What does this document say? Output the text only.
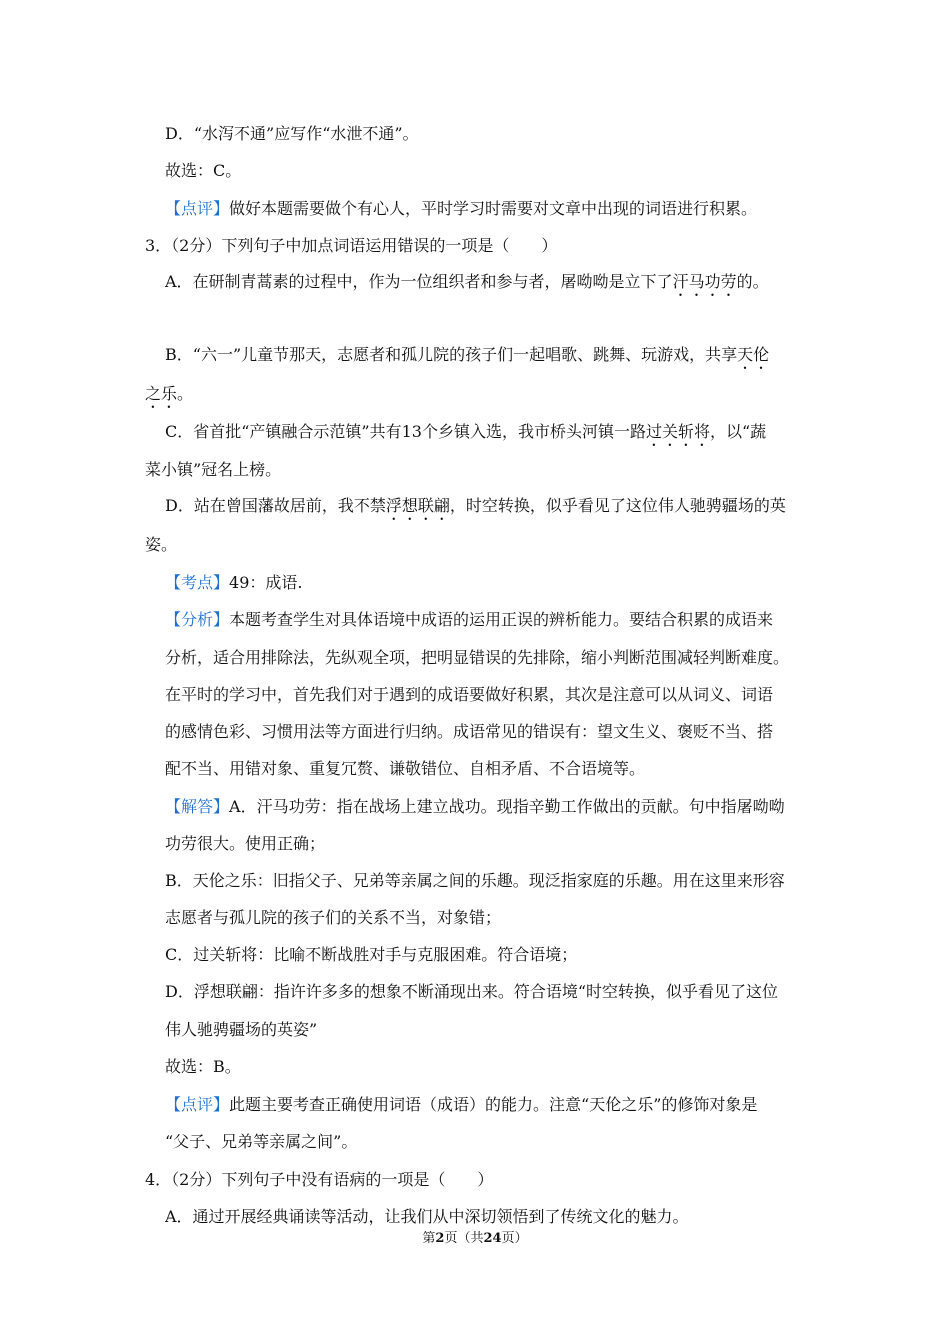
D．“水泻不通”应写作“水泄不通”。
故选：C。
【点评】做好本题需要做个有心人，平时学习时需要对文章中出现的词语进行积累。
3．（2分）下列句子中加点词语运用错误的一项是（　　）
A．在研制青蒿素的过程中，作为一位组织者和参与者，屠呦呦是立下了汗马功劳的。
B．“六一”儿童节那天，志愿者和孤儿院的孩子们一起唱歌、跳舞、玩游戏，共享天伦
之乐。
C．省首批“产镇融合示范镇”共有13个乡镇入选，我市桥头河镇一路过关斩将，以“蔬
菜小镇”冠名上榜。
D．站在曾国藩故居前，我不禁浮想联翩，时空转换，似乎看见了这位伟人驰骋疆场的英
姿。
【考点】49：成语.
【分析】本题考查学生对具体语境中成语的运用正误的辨析能力。要结合积累的成语来
分析，适合用排除法，先纵观全项，把明显错误的先排除，缩小判断范围减轻判断难度。
在平时的学习中，首先我们对于遇到的成语要做好积累，其次是注意可以从词义、词语
的感情色彩、习惯用法等方面进行归纳。成语常见的错误有：望文生义、褒贬不当、搭
配不当、用错对象、重复冗赘、谦敬错位、自相矛盾、不合语境等。
【解答】A．汗马功劳：指在战场上建立战功。现指辛勤工作做出的贡献。句中指屠呦呦
功劳很大。使用正确；
B．天伦之乐：旧指父子、兄弟等亲属之间的乐趣。现泛指家庭的乐趣。用在这里来形容
志愿者与孤儿院的孩子们的关系不当，对象错；
C．过关斩将：比喻不断战胜对手与克服困难。符合语境；
D．浮想联翩：指许许多多的想象不断涌现出来。符合语境“时空转换，似乎看见了这位
伟人驰骋疆场的英姿”
故选：B。
【点评】此题主要考查正确使用词语（成语）的能力。注意“天伦之乐”的修饰对象是
“父子、兄弟等亲属之间”。
4．（2分）下列句子中没有语病的一项是（　　）
A．通过开展经典诵读等活动，让我们从中深切领悟到了传统文化的魅力。
第2页（共24页）
